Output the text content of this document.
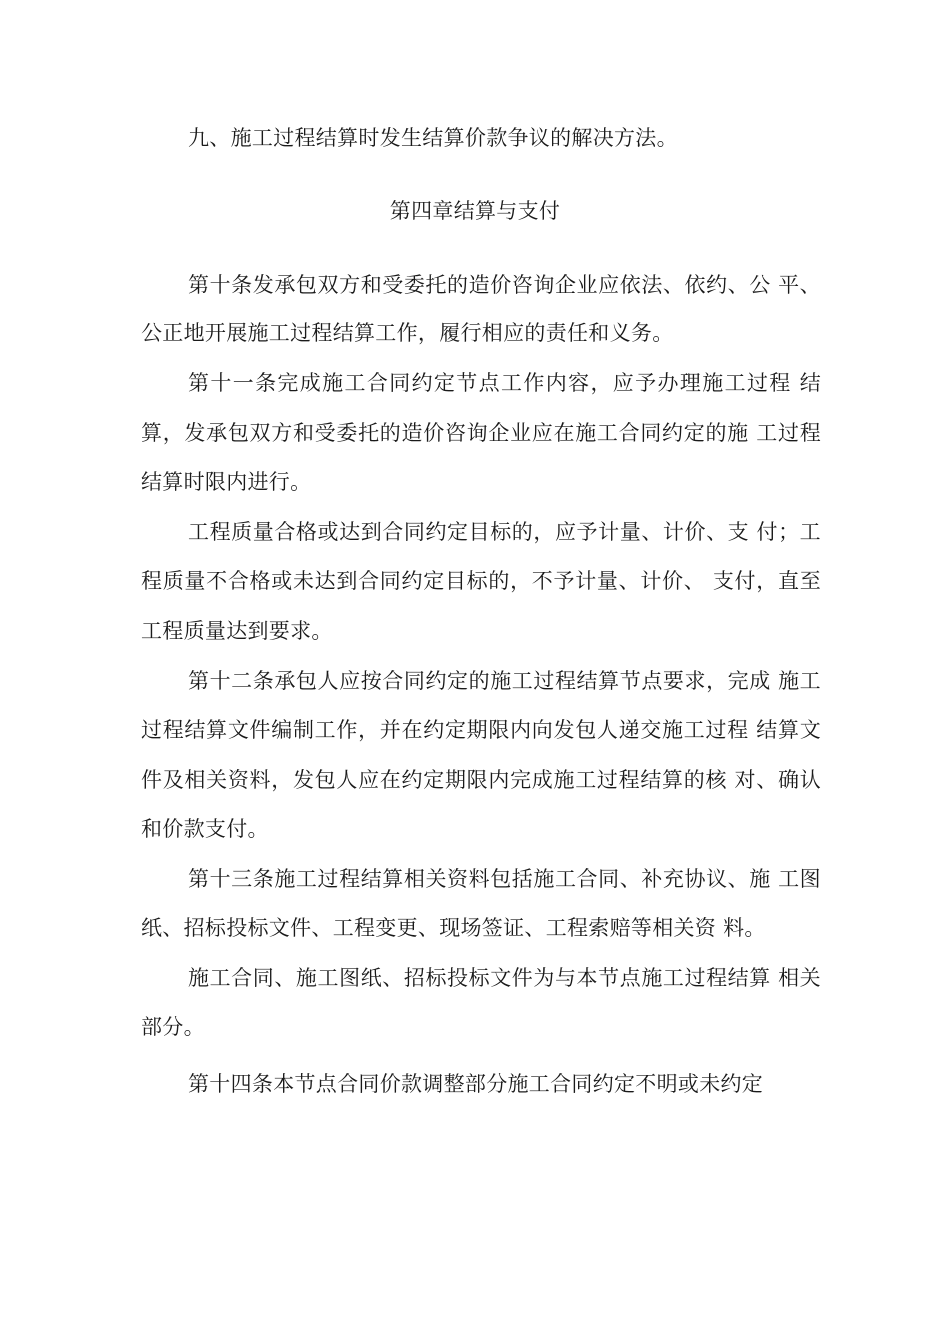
九、施工过程结算时发生结算价款争议的解决方法。
第四章结算与支付
第十条发承包双方和受委托的造价咨询企业应依法、依约、公 平、
公正地开展施工过程结算工作，履行相应的责任和义务。
第十一条完成施工合同约定节点工作内容，应予办理施工过程 结
算，发承包双方和受委托的造价咨询企业应在施工合同约定的施 工过程
结算时限内进行。
工程质量合格或达到合同约定目标的，应予计量、计价、支 付；工
程质量不合格或未达到合同约定目标的，不予计量、计价、 支付，直至
工程质量达到要求。
第十二条承包人应按合同约定的施工过程结算节点要求，完成 施工
过程结算文件编制工作，并在约定期限内向发包人递交施工过程 结算文
件及相关资料，发包人应在约定期限内完成施工过程结算的核 对、确认
和价款支付。
第十三条施工过程结算相关资料包括施工合同、补充协议、施 工图
纸、招标投标文件、工程变更、现场签证、工程索赔等相关资 料。
施工合同、施工图纸、招标投标文件为与本节点施工过程结算 相关
部分。
第十四条本节点合同价款调整部分施工合同约定不明或未约定
